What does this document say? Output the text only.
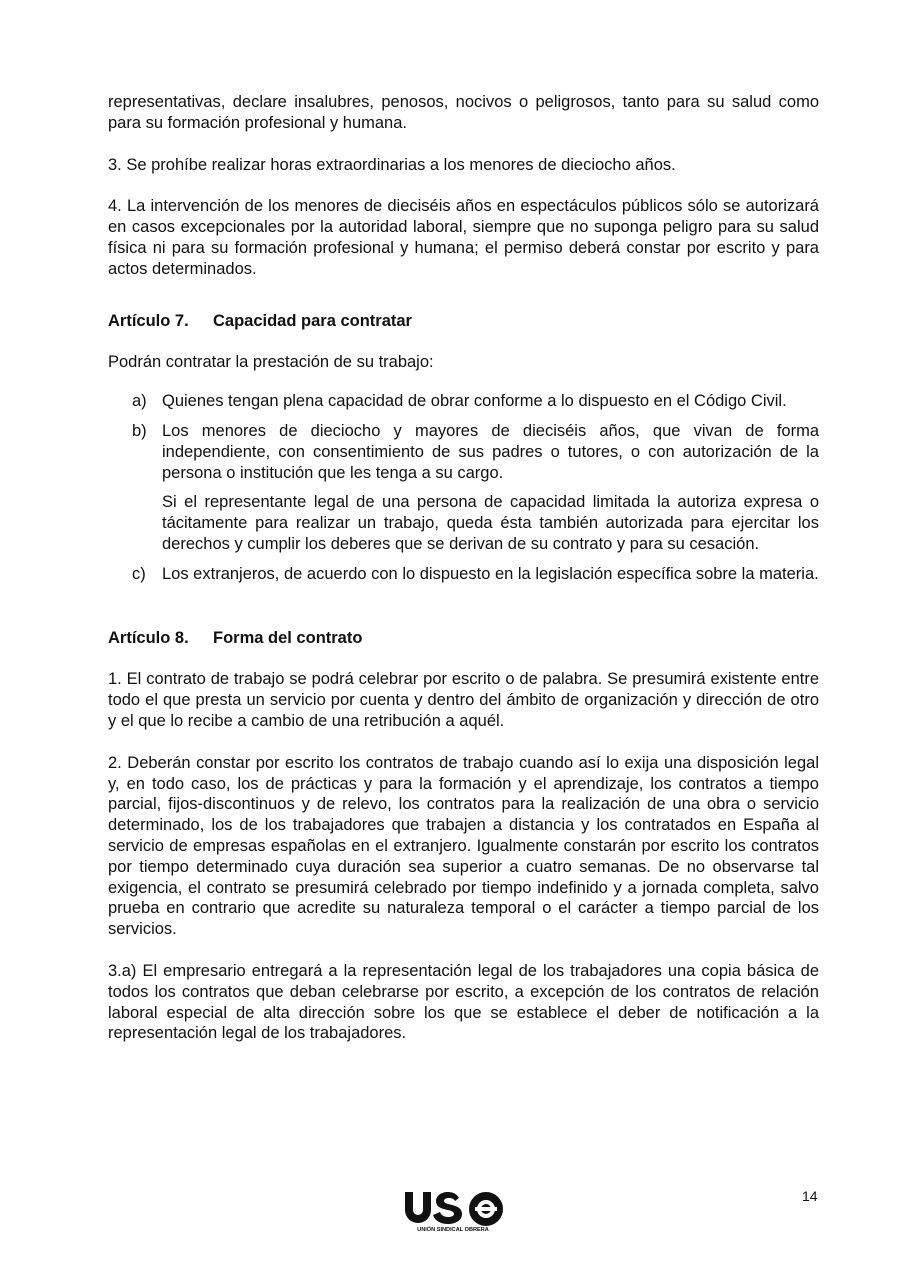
representativas, declare insalubres, penosos, nocivos o peligrosos, tanto para su salud como para su formación profesional y humana.

3. Se prohíbe realizar horas extraordinarias a los menores de dieciocho años.

4. La intervención de los menores de dieciséis años en espectáculos públicos sólo se autorizará en casos excepcionales por la autoridad laboral, siempre que no suponga peligro para su salud física ni para su formación profesional y humana; el permiso deberá constar por escrito y para actos determinados.

Artículo 7. Capacidad para contratar

Podrán contratar la prestación de su trabajo:

a) Quienes tengan plena capacidad de obrar conforme a lo dispuesto en el Código Civil.

b) Los menores de dieciocho y mayores de dieciséis años, que vivan de forma independiente, con consentimiento de sus padres o tutores, o con autorización de la persona o institución que les tenga a su cargo.

Si el representante legal de una persona de capacidad limitada la autoriza expresa o tácitamente para realizar un trabajo, queda ésta también autorizada para ejercitar los derechos y cumplir los deberes que se derivan de su contrato y para su cesación.

c) Los extranjeros, de acuerdo con lo dispuesto en la legislación específica sobre la materia.

Artículo 8. Forma del contrato

1. El contrato de trabajo se podrá celebrar por escrito o de palabra. Se presumirá existente entre todo el que presta un servicio por cuenta y dentro del ámbito de organización y dirección de otro y el que lo recibe a cambio de una retribución a aquél.

2. Deberán constar por escrito los contratos de trabajo cuando así lo exija una disposición legal y, en todo caso, los de prácticas y para la formación y el aprendizaje, los contratos a tiempo parcial, fijos-discontinuos y de relevo, los contratos para la realización de una obra o servicio determinado, los de los trabajadores que trabajen a distancia y los contratados en España al servicio de empresas españolas en el extranjero. Igualmente constarán por escrito los contratos por tiempo determinado cuya duración sea superior a cuatro semanas. De no observarse tal exigencia, el contrato se presumirá celebrado por tiempo indefinido y a jornada completa, salvo prueba en contrario que acredite su naturaleza temporal o el carácter a tiempo parcial de los servicios.

3.a) El empresario entregará a la representación legal de los trabajadores una copia básica de todos los contratos que deban celebrarse por escrito, a excepción de los contratos de relación laboral especial de alta dirección sobre los que se establece el deber de notificación a la representación legal de los trabajadores.

UNIÓN SINDICAL OBRERA
14
